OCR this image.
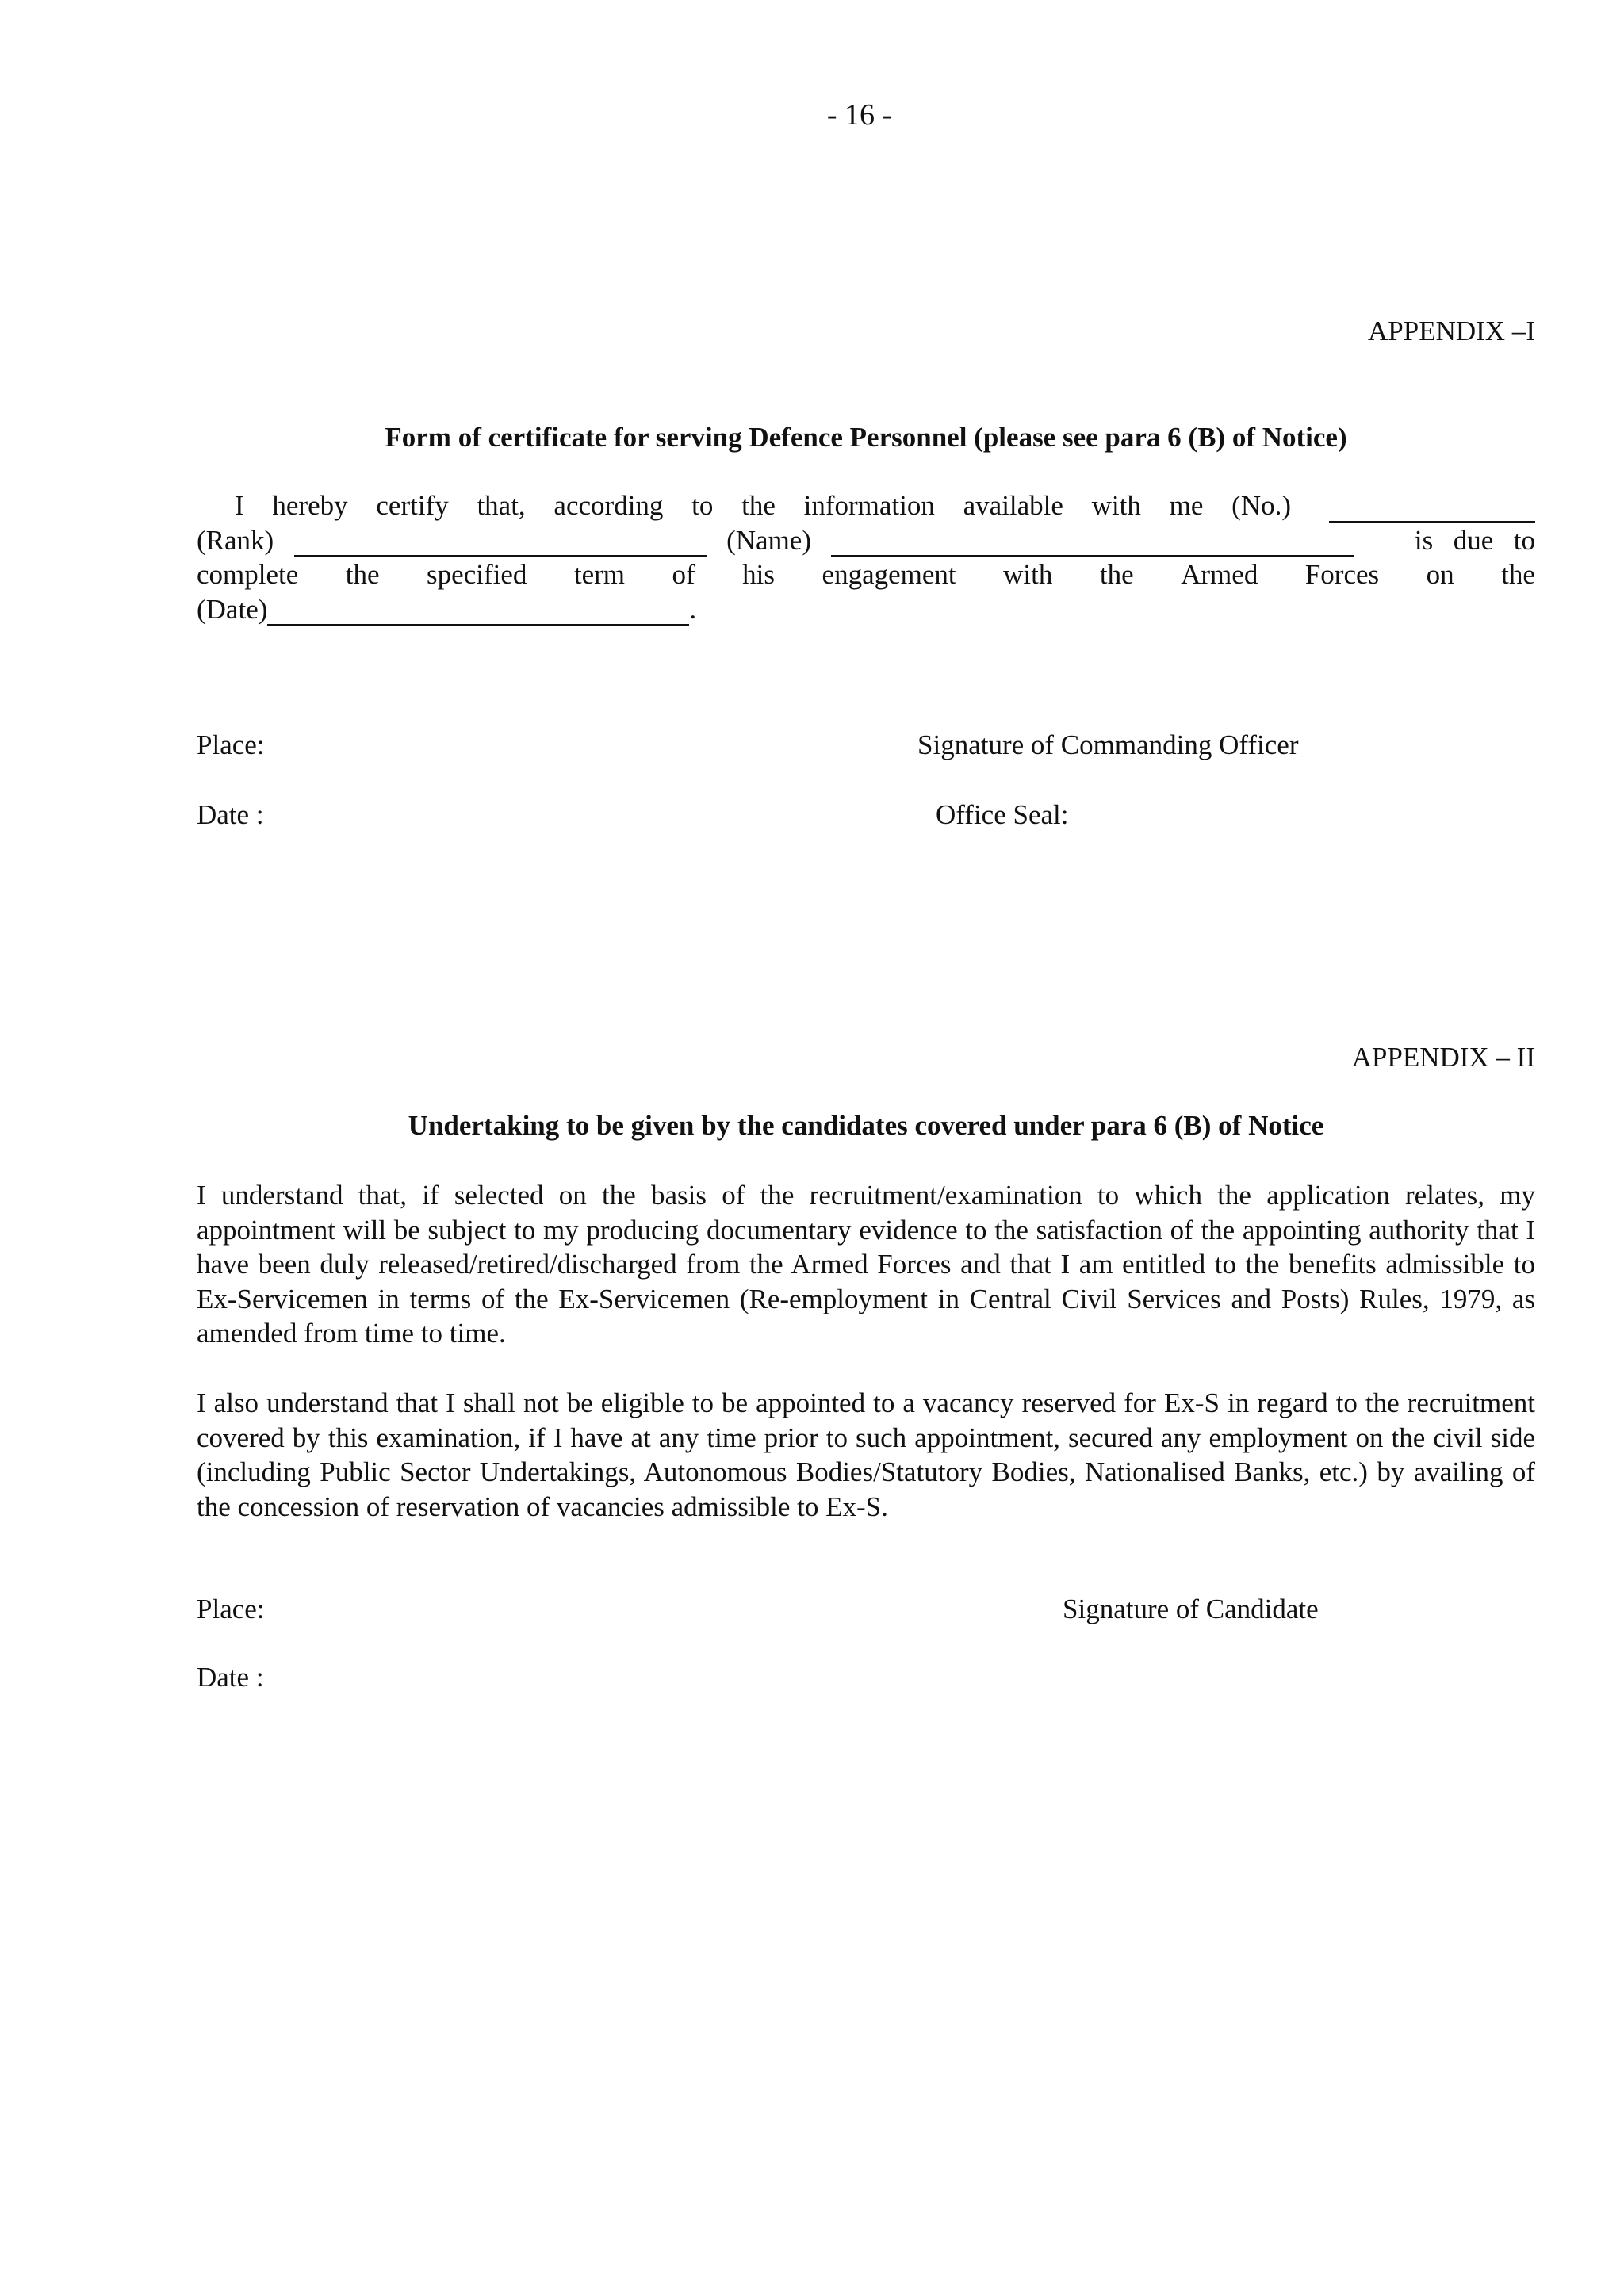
- 16 -
APPENDIX –I
Form of certificate for serving Defence Personnel (please see para 6 (B) of Notice)
I hereby certify that, according to the information available with me (No.)
(Rank)	(Name)	is due to
complete the specified term of his engagement with the Armed Forces on the
(Date)	.
Place:	Signature of Commanding Officer
Date :	Office Seal:
APPENDIX – II
Undertaking to be given by the candidates covered under para 6 (B) of Notice
I understand that, if selected on the basis of the recruitment/examination to which the application relates, my appointment will be subject to my producing documentary evidence to the satisfaction of the appointing authority that I have been duly released/retired/discharged from the Armed Forces and that I am entitled to the benefits admissible to Ex-Servicemen in terms of the Ex-Servicemen (Re-employment in Central Civil Services and Posts) Rules, 1979, as amended from time to time.
I also understand that I shall not be eligible to be appointed to a vacancy reserved for Ex-S in regard to the recruitment covered by this examination, if I have at any time prior to such appointment, secured any employment on the civil side (including Public Sector Undertakings, Autonomous Bodies/Statutory Bodies, Nationalised Banks, etc.) by availing of the concession of reservation of vacancies admissible to Ex-S.
Place:	Signature of Candidate
Date :
